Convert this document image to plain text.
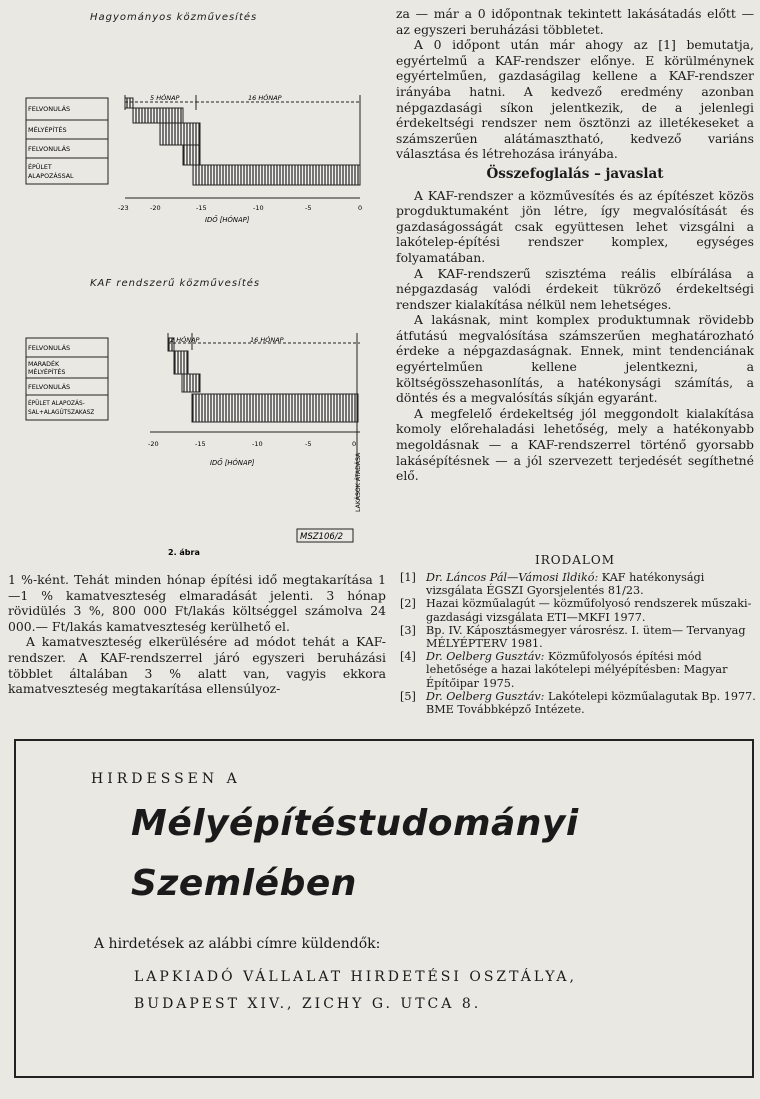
Hagyományos közművesítés
KAF rendszerű közművesítés
FELVONULÁS
MÉLYÉPÍTÉS
FELVONULÁS
ÉPÜLET
ALAPOZÁSSAL
5 HÓNAP	16 HÓNAP
-23	-20	-15	-10	-5	0
IDŐ [HÓNAP]
FELVONULÁS
MARADÉK
MÉLYÉPÍTÉS
FELVONULÁS
ÉPÜLET ALAPOZÁS-
SAL+ALAGÚTSZAKASZ
2 HÓNAP	16 HÓNAP
-20	-15	-10	-5	0
IDŐ [HÓNAP]	LAKÁSOK ÁTADÁSA
MSZ106/2
2. ábra

1 %-ként. Tehát minden hónap építési idő megtakarítása 1—1 % kamatveszteség elmaradását jelenti. 3 hónap rövidülés 3 %, 800 000 Ft/lakás költséggel számolva 24 000.— Ft/lakás kamatveszteség kerülhető el.

A kamatveszteség elkerülésére ad módot tehát a KAF-rendszer. A KAF-rendszerrel járó egyszeri beruházási többlet általában 3 % alatt van, vagyis ekkora kamatveszteség megtakarítása ellensúlyoz-

za — már a 0 időpontnak tekintett lakásátadás előtt — az egyszeri beruházási többletet.

A 0 időpont után már ahogy az [1] bemutatja, egyértelmű a KAF-rendszer előnye. E körülménynek egyértelműen, gazdaságilag kellene a KAF-rendszer irányába hatni. A kedvező eredmény azonban népgazdasági síkon jelentkezik, de a jelenlegi érdekeltségi rendszer nem ösztönzi az illetékeseket a számszerűen alátámasztható, kedvező variáns választása és létrehozása irányába.

Összefoglalás – javaslat

A KAF-rendszer a közművesítés és az építészet közös progduktumaként jön létre, így megvalósítását és gazdaságosságát csak együttesen lehet vizsgálni a lakótelep-építési rendszer komplex, egységes folyamatában.

A KAF-rendszerű szisztéma reális elbírálása a népgazdaság valódi érdekeit tükröző érdekeltségi rendszer kialakítása nélkül nem lehetséges.

A lakásnak, mint komplex produktumnak rövidebb átfutású megvalósítása számszerűen meghatározható érdeke a népgazdaságnak. Ennek, mint tendenciának egyértelműen kellene jelentkezni, a költségösszehasonlítás, a hatékonysági számítás, a döntés és a megvalósítás síkján egyaránt.

A megfelelő érdekeltség jól meggondolt kialakítása komoly előrehaladási lehetőség, mely a hatékonyabb megoldásnak — a KAF-rendszerrel történő gyorsabb lakásépítésnek — a jól szervezett terjedését segíthetné elő.

IRODALOM
[1] Dr. Láncos Pál—Vámosi Ildikó: KAF hatékonysági vizsgálata ÉGSZI Gyorsjelentés 81/23.
[2] Hazai közműalagút — közműfolyosó rendszerek műszaki-gazdasági vizsgálata ETI—MKFI 1977.
[3] Bp. IV. Káposztásmegyer városrész. I. ütem— Tervanyag MÉLYÉPTERV 1981.
[4] Dr. Oelberg Gusztáv: Közműfolyosós építési mód lehetősége a hazai lakótelepi mélyépítésben: Magyar Építőipar 1975.
[5] Dr. Oelberg Gusztáv: Lakótelepi közműalagutak Bp. 1977. BME Továbbképző Intézete.
HIRDESSEN A
Mélyépítéstudományi
Szemlében
A hirdetések az alábbi címre küldendők:
LAPKIADÓ VÁLLALAT HIRDETÉSI OSZTÁLYA,
BUDAPEST XIV., ZICHY G. UTCA 8.
